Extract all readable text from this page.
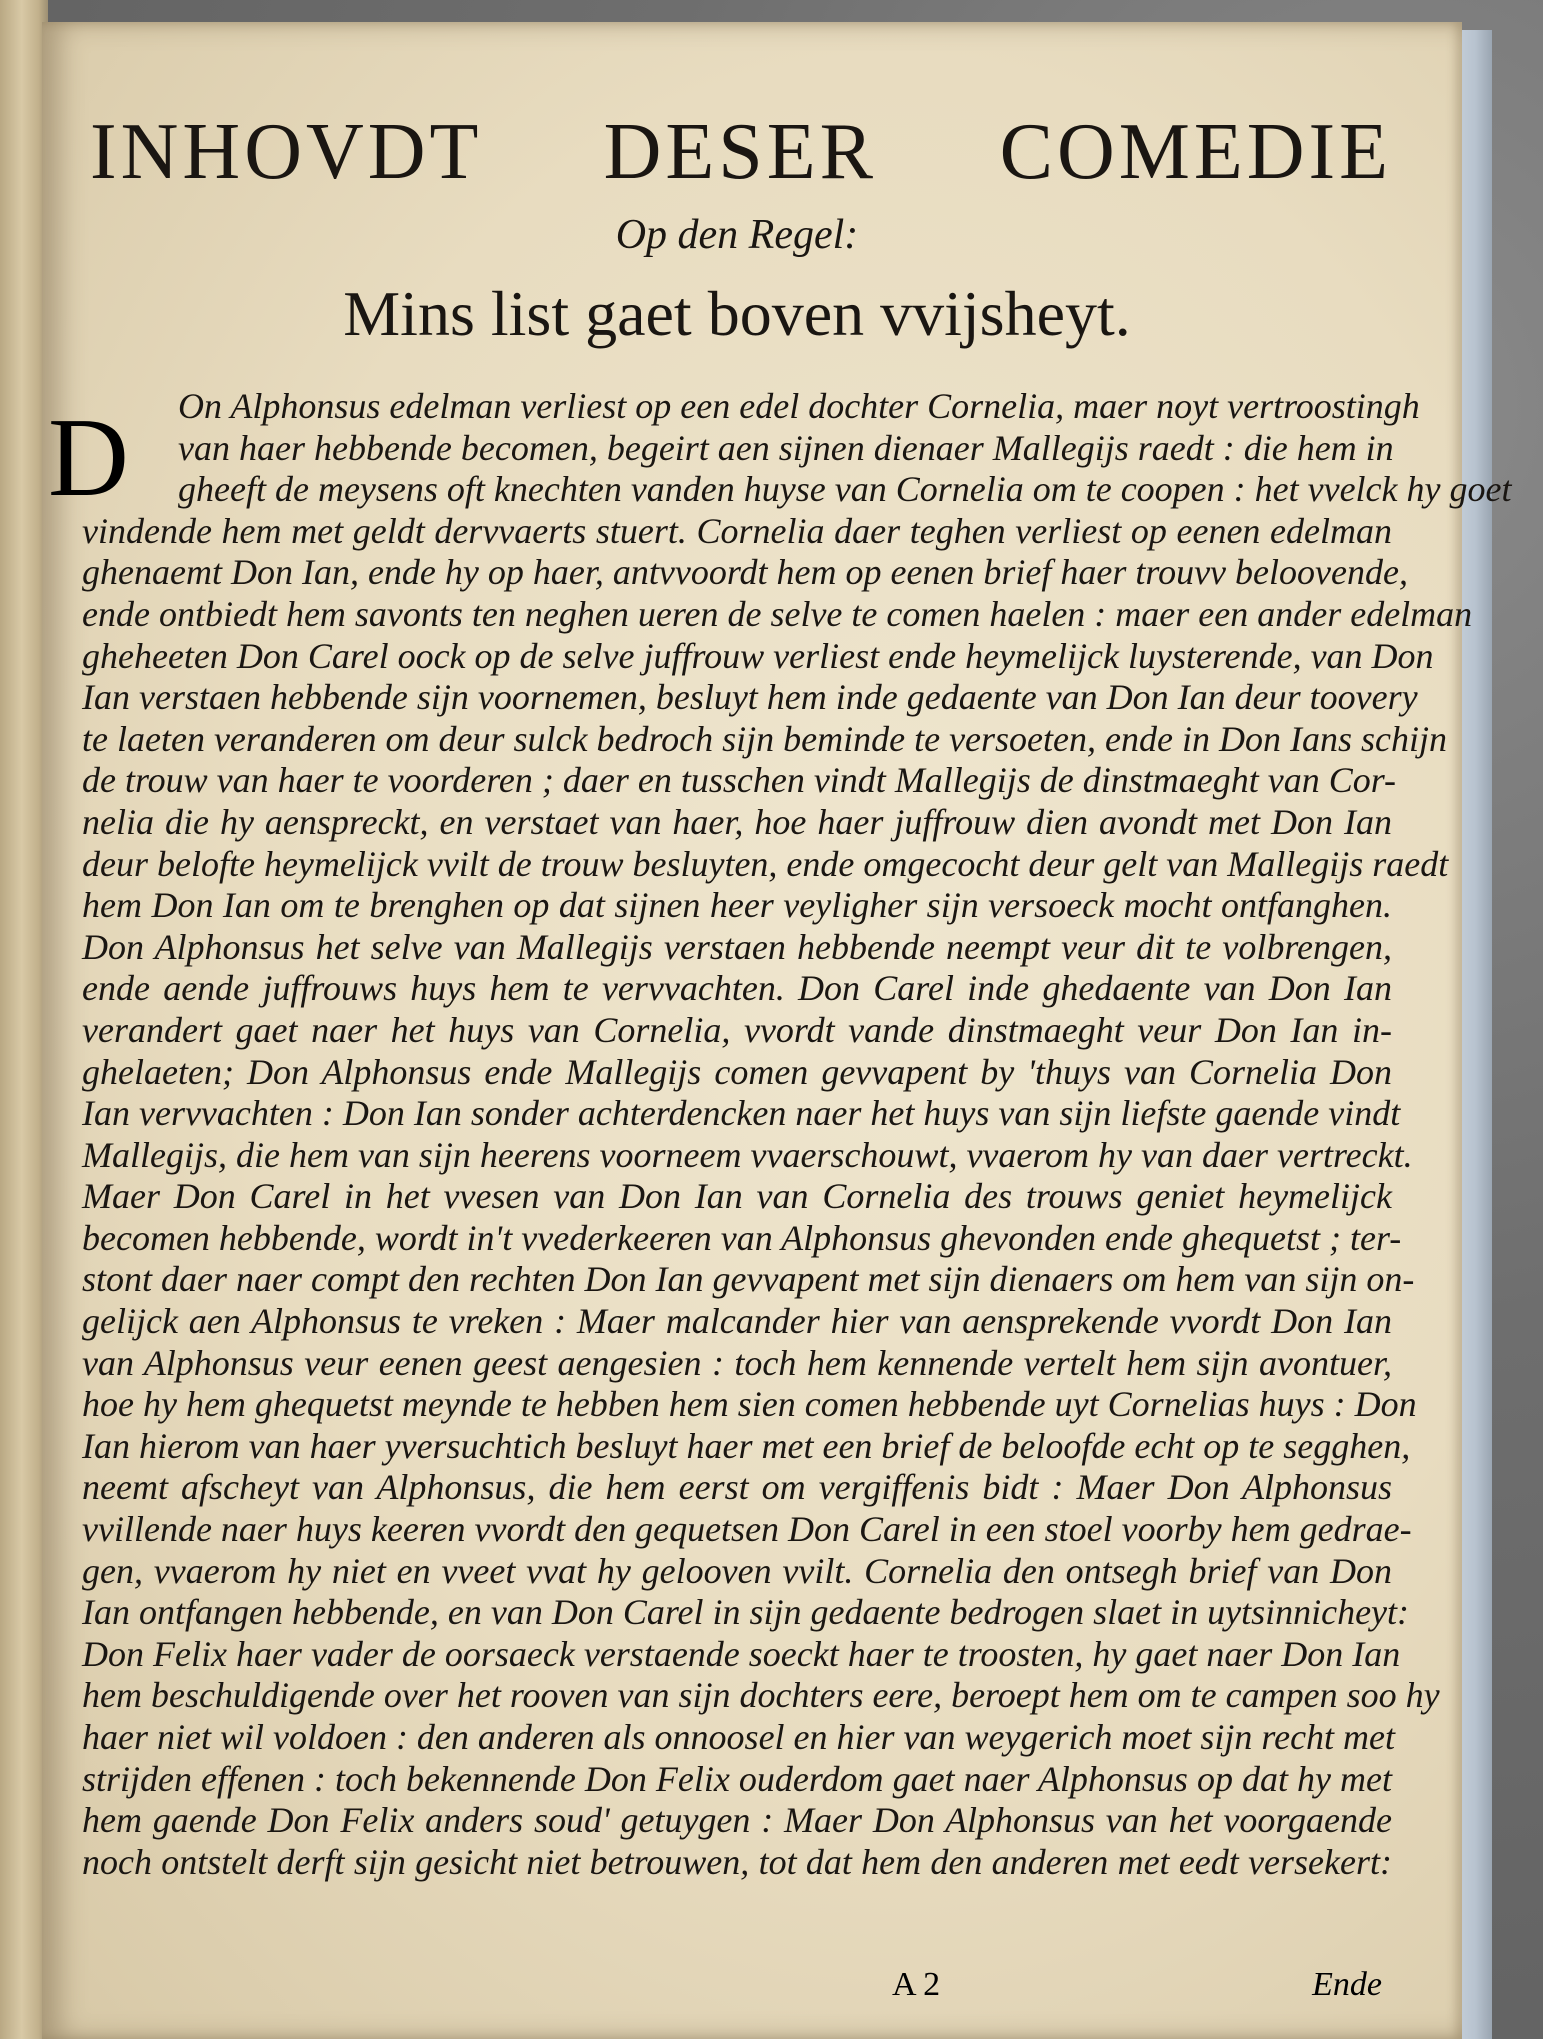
INHOVDT DESER COMEDIE
Op den Regel:
Mins list gaet boven vvijsheyt.
On Alphonsus edelman verliest op een edel dochter Cornelia, maer noyt vertroostingh
van haer hebbende becomen, begeirt aen sijnen dienaer Mallegijs raedt : die hem in
gheeft de meysens oft knechten vanden huyse van Cornelia om te coopen : het vvelck hy goet
vindende hem met geldt dervvaerts stuert. Cornelia daer teghen verliest op eenen edelman
ghenaemt Don Ian, ende hy op haer, antvvoordt hem op eenen brief haer trouvv beloovende,
ende ontbiedt hem savonts ten neghen ueren de selve te comen haelen : maer een ander edelman
gheheeten Don Carel oock op de selve juffrouw verliest ende heymelijck luysterende, van Don
Ian verstaen hebbende sijn voornemen, besluyt hem inde gedaente van Don Ian deur toovery
te laeten veranderen om deur sulck bedroch sijn beminde te versoeten, ende in Don Ians schijn
de trouw van haer te voorderen ; daer en tusschen vindt Mallegijs de dinstmaeght van Cor-
nelia die hy aenspreckt, en verstaet van haer, hoe haer juffrouw dien avondt met Don Ian
deur belofte heymelijck vvilt de trouw besluyten, ende omgecocht deur gelt van Mallegijs raedt
hem Don Ian om te brenghen op dat sijnen heer veyligher sijn versoeck mocht ontfanghen.
Don Alphonsus het selve van Mallegijs verstaen hebbende neempt veur dit te volbrengen,
ende aende juffrouws huys hem te vervvachten. Don Carel inde ghedaente van Don Ian
verandert gaet naer het huys van Cornelia, vvordt vande dinstmaeght veur Don Ian in-
ghelaeten; Don Alphonsus ende Mallegijs comen gevvapent by 'thuys van Cornelia Don
Ian vervvachten : Don Ian sonder achterdencken naer het huys van sijn liefste gaende vindt
Mallegijs, die hem van sijn heerens voorneem vvaerschouwt, vvaerom hy van daer vertreckt.
Maer Don Carel in het vvesen van Don Ian van Cornelia des trouws geniet heymelijck
becomen hebbende, wordt in't vvederkeeren van Alphonsus ghevonden ende ghequetst ; ter-
stont daer naer compt den rechten Don Ian gevvapent met sijn dienaers om hem van sijn on-
gelijck aen Alphonsus te vreken : Maer malcander hier van aensprekende vvordt Don Ian
van Alphonsus veur eenen geest aengesien : toch hem kennende vertelt hem sijn avontuer,
hoe hy hem ghequetst meynde te hebben hem sien comen hebbende uyt Cornelias huys : Don
Ian hierom van haer yversuchtich besluyt haer met een brief de beloofde echt op te segghen,
neemt afscheyt van Alphonsus, die hem eerst om vergiffenis bidt : Maer Don Alphonsus
vvillende naer huys keeren vvordt den gequetsen Don Carel in een stoel voorby hem gedrae-
gen, vvaerom hy niet en vveet vvat hy gelooven vvilt. Cornelia den ontsegh brief van Don
Ian ontfangen hebbende, en van Don Carel in sijn gedaente bedrogen slaet in uytsinnicheyt:
Don Felix haer vader de oorsaeck verstaende soeckt haer te troosten, hy gaet naer Don Ian
hem beschuldigende over het rooven van sijn dochters eere, beroept hem om te campen soo hy
haer niet wil voldoen : den anderen als onnoosel en hier van weygerich moet sijn recht met
strijden effenen : toch bekennende Don Felix ouderdom gaet naer Alphonsus op dat hy met
hem gaende Don Felix anders soud' getuygen : Maer Don Alphonsus van het voorgaende
noch ontstelt derft sijn gesicht niet betrouwen, tot dat hem den anderen met eedt versekert:
D
A 2	Ende
